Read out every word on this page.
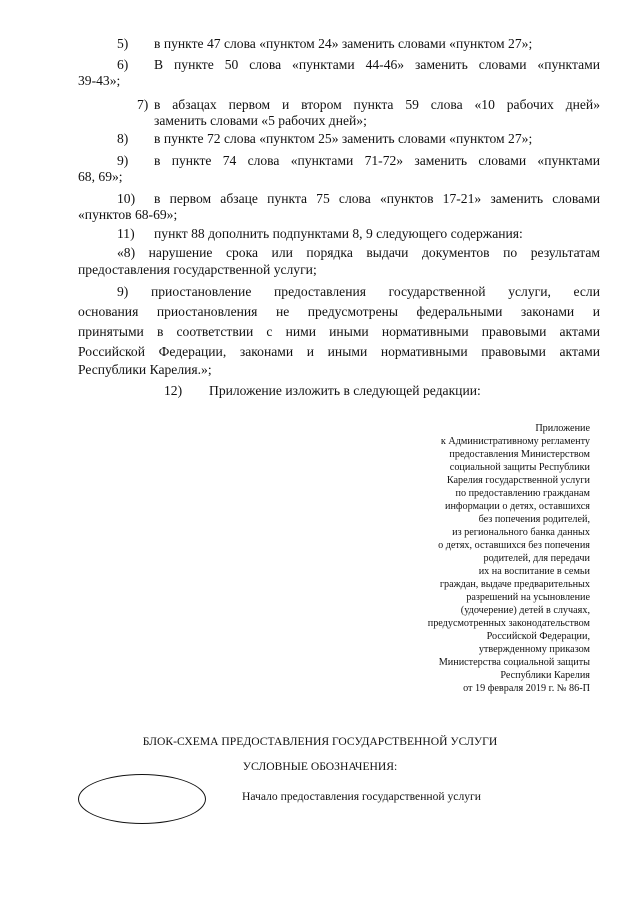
5) в пункте 47 слова «пунктом 24» заменить словами «пунктом 27»;
6) В пункте 50 слова «пунктами 44-46» заменить словами «пунктами
39-43»;
7) в абзацах первом и втором пункта 59 слова «10 рабочих дней»
заменить словами «5 рабочих дней»;
8) в пункте 72 слова «пунктом 25» заменить словами «пунктом 27»;
9) в пункте 74 слова «пунктами 71-72» заменить словами «пунктами
68, 69»;
10) в первом абзаце пункта 75 слова «пунктов 17-21» заменить словами
«пунктов 68-69»;
11) пункт 88 дополнить подпунктами 8, 9 следующего содержания:
«8) нарушение срока или порядка выдачи документов по результатам
предоставления государственной услуги;
9) приостановление предоставления государственной услуги, если
основания приостановления не предусмотрены федеральными законами и
принятыми в соответствии с ними иными нормативными правовыми актами
Российской Федерации, законами и иными нормативными правовыми актами
Республики Карелия.»;
12) Приложение изложить в следующей редакции:
Приложение
к Административному регламенту
предоставления Министерством
социальной защиты Республики
Карелия государственной услуги
по предоставлению гражданам
информации о детях, оставшихся
без попечения родителей,
из регионального банка данных
о детях, оставшихся без попечения
родителей, для передачи
их на воспитание в семьи
граждан, выдаче предварительных
разрешений на усыновление
(удочерение) детей в случаях,
предусмотренных законодательством
Российской Федерации,
утвержденному приказом
Министерства социальной защиты
Республики Карелия
от 19 февраля 2019 г. № 86-П
БЛОК-СХЕМА ПРЕДОСТАВЛЕНИЯ ГОСУДАРСТВЕННОЙ УСЛУГИ
УСЛОВНЫЕ ОБОЗНАЧЕНИЯ:
Начало предоставления государственной услуги
